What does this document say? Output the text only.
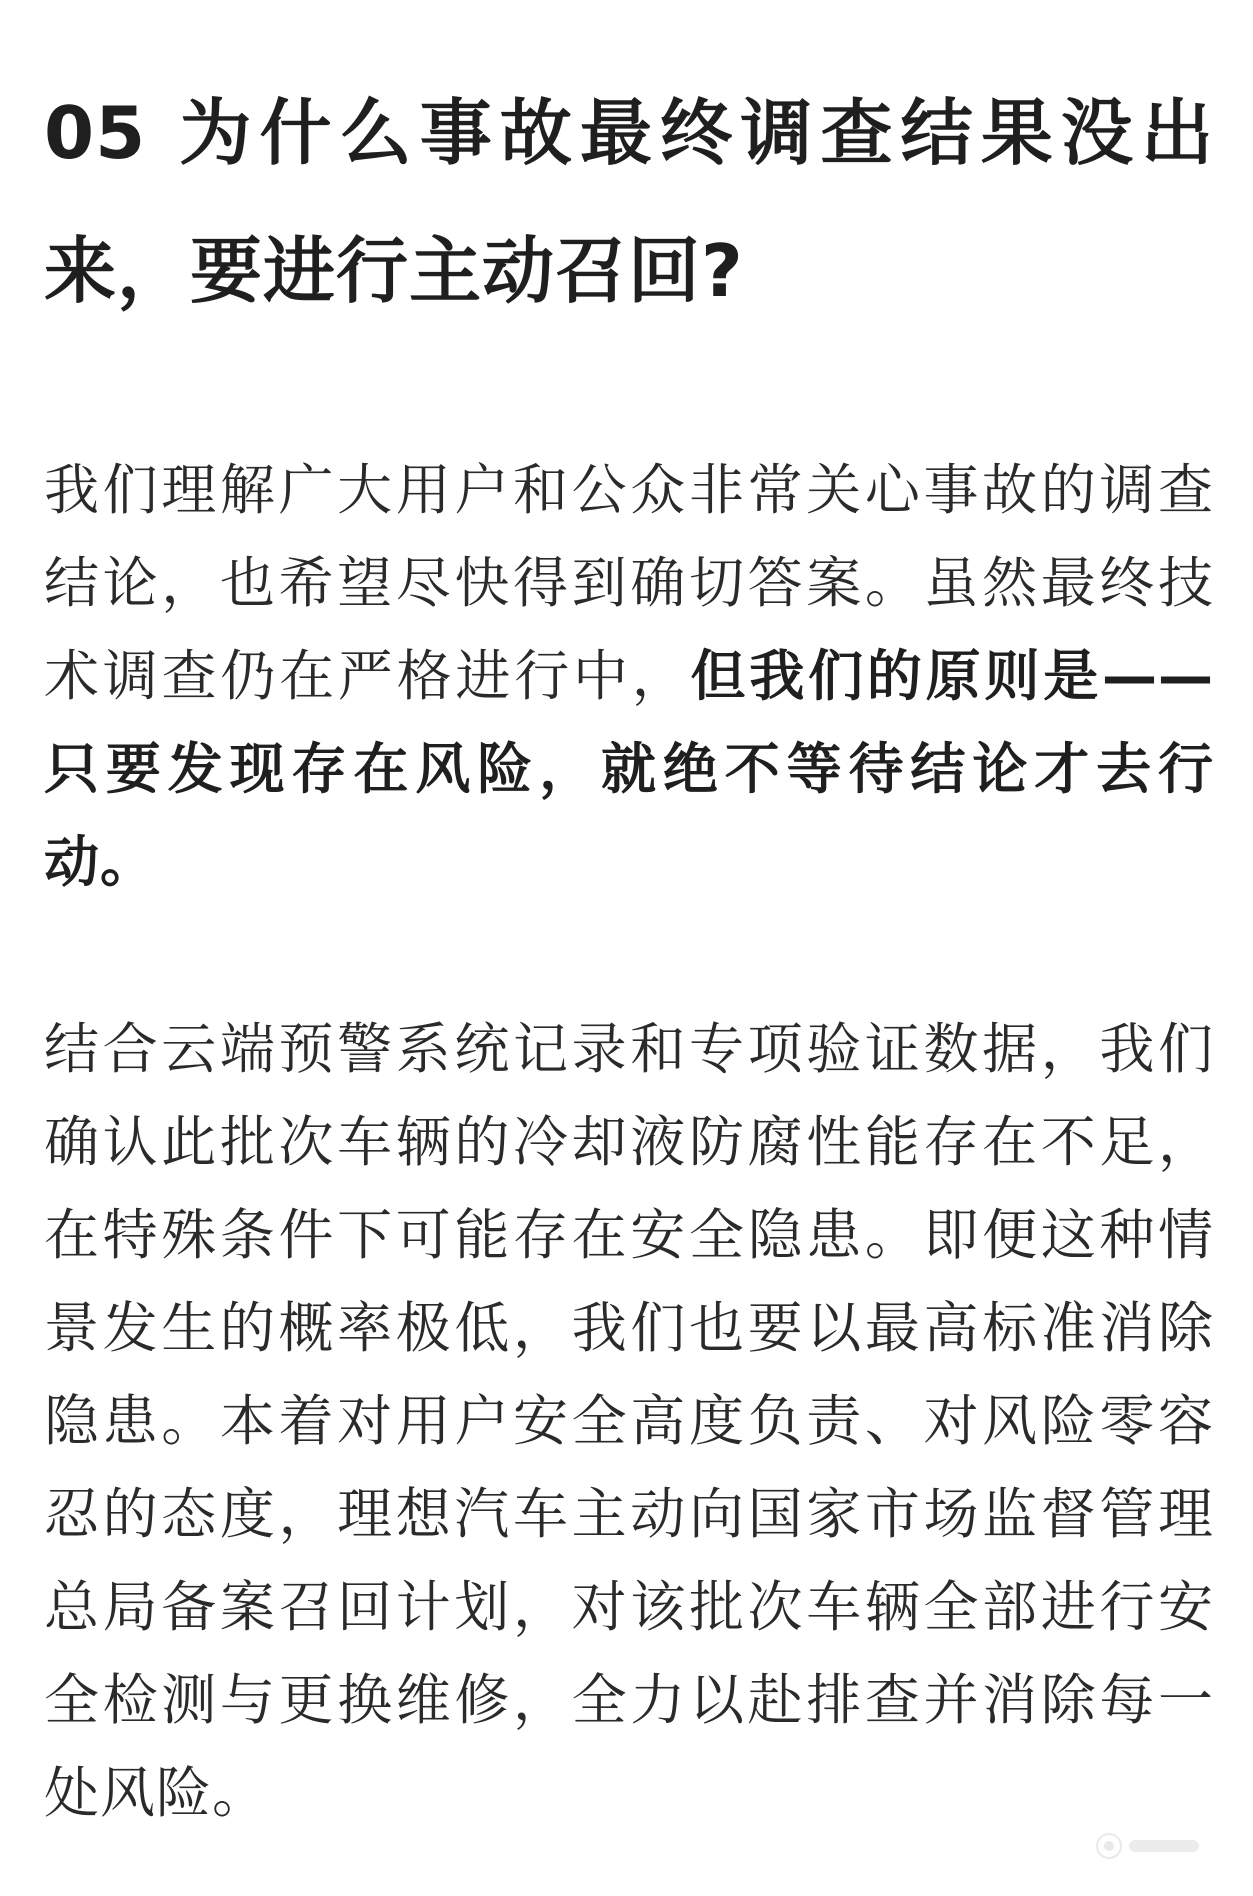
05 为什么事故最终调查结果没出来，要进行主动召回?

我们理解广大用户和公众非常关心事故的调查结论，也希望尽快得到确切答案。虽然最终技术调查仍在严格进行中，但我们的原则是——只要发现存在风险，就绝不等待结论才去行动。

结合云端预警系统记录和专项验证数据，我们确认此批次车辆的冷却液防腐性能存在不足，在特殊条件下可能存在安全隐患。即便这种情景发生的概率极低，我们也要以最高标准消除隐患。本着对用户安全高度负责、对风险零容忍的态度，理想汽车主动向国家市场监督管理总局备案召回计划，对该批次车辆全部进行安全检测与更换维修，全力以赴排查并消除每一处风险。
